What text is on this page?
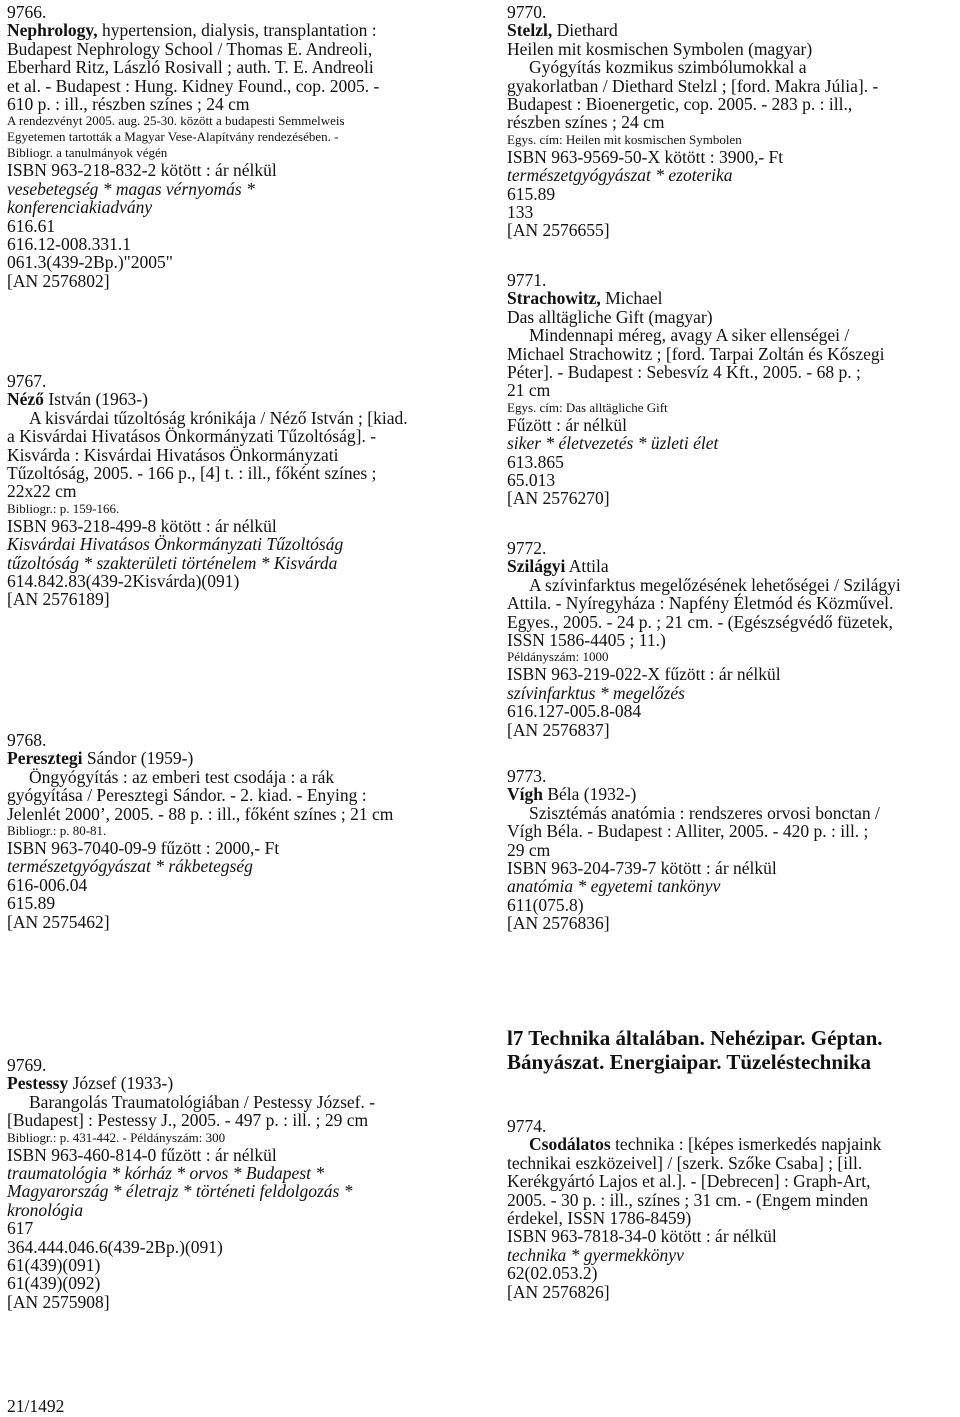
9766.
Nephrology, hypertension, dialysis, transplantation :
Budapest Nephrology School / Thomas E. Andreoli,
Eberhard Ritz, László Rosivall ; auth. T. E. Andreoli
et al. - Budapest : Hung. Kidney Found., cop. 2005. -
610 p. : ill., részben színes ; 24 cm
A rendezvényt 2005. aug. 25-30. között a budapesti Semmelweis
Egyetemen tartották a Magyar Vese-Alapítvány rendezésében. -
Bibliogr. a tanulmányok végén
ISBN 963-218-832-2 kötött : ár nélkül
vesebetegség * magas vérnyomás *
konferenciakiadvány
616.61
616.12-008.331.1
061.3(439-2Bp.)"2005"
[AN 2576802]
9767.
Néző István (1963-)
A kisvárdai tűzoltóság krónikája / Néző István ; [kiad.
a Kisvárdai Hivatásos Önkormányzati Tűzoltóság]. -
Kisvárda : Kisvárdai Hivatásos Önkormányzati
Tűzoltóság, 2005. - 166 p., [4] t. : ill., főként színes ;
22x22 cm
Bibliogr.: p. 159-166.
ISBN 963-218-499-8 kötött : ár nélkül
Kisvárdai Hivatásos Önkormányzati Tűzoltóság
tűzoltóság * szakterületi történelem * Kisvárda
614.842.83(439-2Kisvárda)(091)
[AN 2576189]
9768.
Peresztegi Sándor (1959-)
Öngyógyítás : az emberi test csodája : a rák
gyógyítása / Peresztegi Sándor. - 2. kiad. - Enying :
Jelenlét 2000’, 2005. - 88 p. : ill., főként színes ; 21 cm
Bibliogr.: p. 80-81.
ISBN 963-7040-09-9 fűzött : 2000,- Ft
természetgyógyászat * rákbetegség
616-006.04
615.89
[AN 2575462]
9769.
Pestessy József (1933-)
Barangolás Traumatológiában / Pestessy József. -
[Budapest] : Pestessy J., 2005. - 497 p. : ill. ; 29 cm
Bibliogr.: p. 431-442. - Példányszám: 300
ISBN 963-460-814-0 fűzött : ár nélkül
traumatológia * kórház * orvos * Budapest *
Magyarország * életrajz * történeti feldolgozás *
kronológia
617
364.444.046.6(439-2Bp.)(091)
61(439)(091)
61(439)(092)
[AN 2575908]
9770.
Stelzl, Diethard
Heilen mit kosmischen Symbolen (magyar)
Gyógyítás kozmikus szimbólumokkal a
gyakorlatban / Diethard Stelzl ; [ford. Makra Júlia]. -
Budapest : Bioenergetic, cop. 2005. - 283 p. : ill.,
részben színes ; 24 cm
Egys. cím: Heilen mit kosmischen Symbolen
ISBN 963-9569-50-X kötött : 3900,- Ft
természetgyógyászat * ezoterika
615.89
133
[AN 2576655]
9771.
Strachowitz, Michael
Das alltägliche Gift (magyar)
Mindennapi méreg, avagy A siker ellenségei /
Michael Strachowitz ; [ford. Tarpai Zoltán és Kőszegi
Péter]. - Budapest : Sebesvíz 4 Kft., 2005. - 68 p. ;
21 cm
Egys. cím: Das alltägliche Gift
Fűzött : ár nélkül
siker * életvezetés * üzleti élet
613.865
65.013
[AN 2576270]
9772.
Szilágyi Attila
A szívinfarktus megelőzésének lehetőségei / Szilágyi
Attila. - Nyíregyháza : Napfény Életmód és Közművel.
Egyes., 2005. - 24 p. ; 21 cm. - (Egészségvédő füzetek,
ISSN 1586-4405 ; 11.)
Példányszám: 1000
ISBN 963-219-022-X fűzött : ár nélkül
szívinfarktus * megelőzés
616.127-005.8-084
[AN 2576837]
9773.
Vígh Béla (1932-)
Szisztémás anatómia : rendszeres orvosi bonctan /
Vígh Béla. - Budapest : Alliter, 2005. - 420 p. : ill. ;
29 cm
ISBN 963-204-739-7 kötött : ár nélkül
anatómia * egyetemi tankönyv
611(075.8)
[AN 2576836]
l7 Technika általában. Nehézipar. Géptan.
Bányászat. Energiaipar. Tüzeléstechnika
9774.
Csodálatos technika : [képes ismerkedés napjaink
technikai eszközeivel] / [szerk. Szőke Csaba] ; [ill.
Kerékgyártó Lajos et al.]. - [Debrecen] : Graph-Art,
2005. - 30 p. : ill., színes ; 31 cm. - (Engem minden
érdekel, ISSN 1786-8459)
ISBN 963-7818-34-0 kötött : ár nélkül
technika * gyermekkönyv
62(02.053.2)
[AN 2576826]
21/1492
